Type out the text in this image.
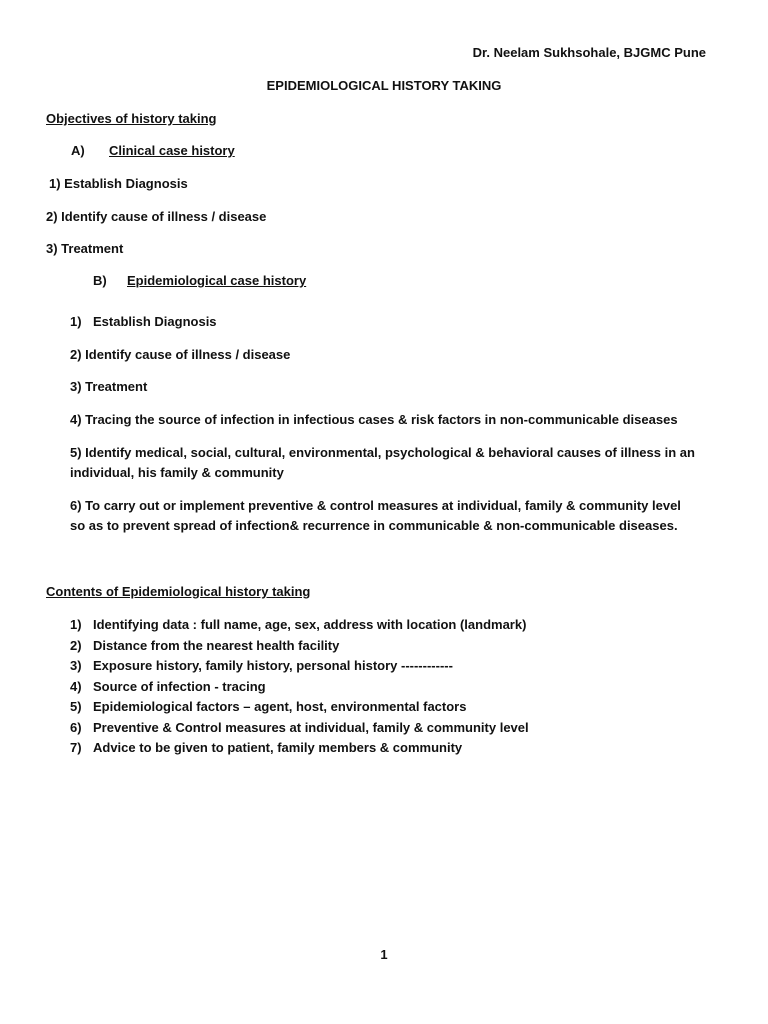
Dr. Neelam Sukhsohale, BJGMC Pune
EPIDEMIOLOGICAL HISTORY TAKING
Objectives of history taking
A) Clinical case history
1) Establish Diagnosis
2) Identify cause of illness / disease
3) Treatment
B) Epidemiological case history
1) Establish Diagnosis
2) Identify cause of illness / disease
3) Treatment
4) Tracing the source of infection in infectious cases & risk factors in non-communicable diseases
5) Identify medical, social, cultural, environmental, psychological & behavioral causes of illness in an
individual, his family & community
6) To carry out or implement preventive & control measures at individual, family & community level
so as to prevent spread of infection& recurrence in communicable & non-communicable diseases.
Contents of Epidemiological history taking
1) Identifying data : full name, age, sex, address with location (landmark)
2) Distance from the nearest health facility
3) Exposure history, family history, personal history ------------
4) Source of infection - tracing
5) Epidemiological factors – agent, host, environmental factors
6) Preventive & Control measures at individual, family & community level
7) Advice to be given to patient, family members & community
1
